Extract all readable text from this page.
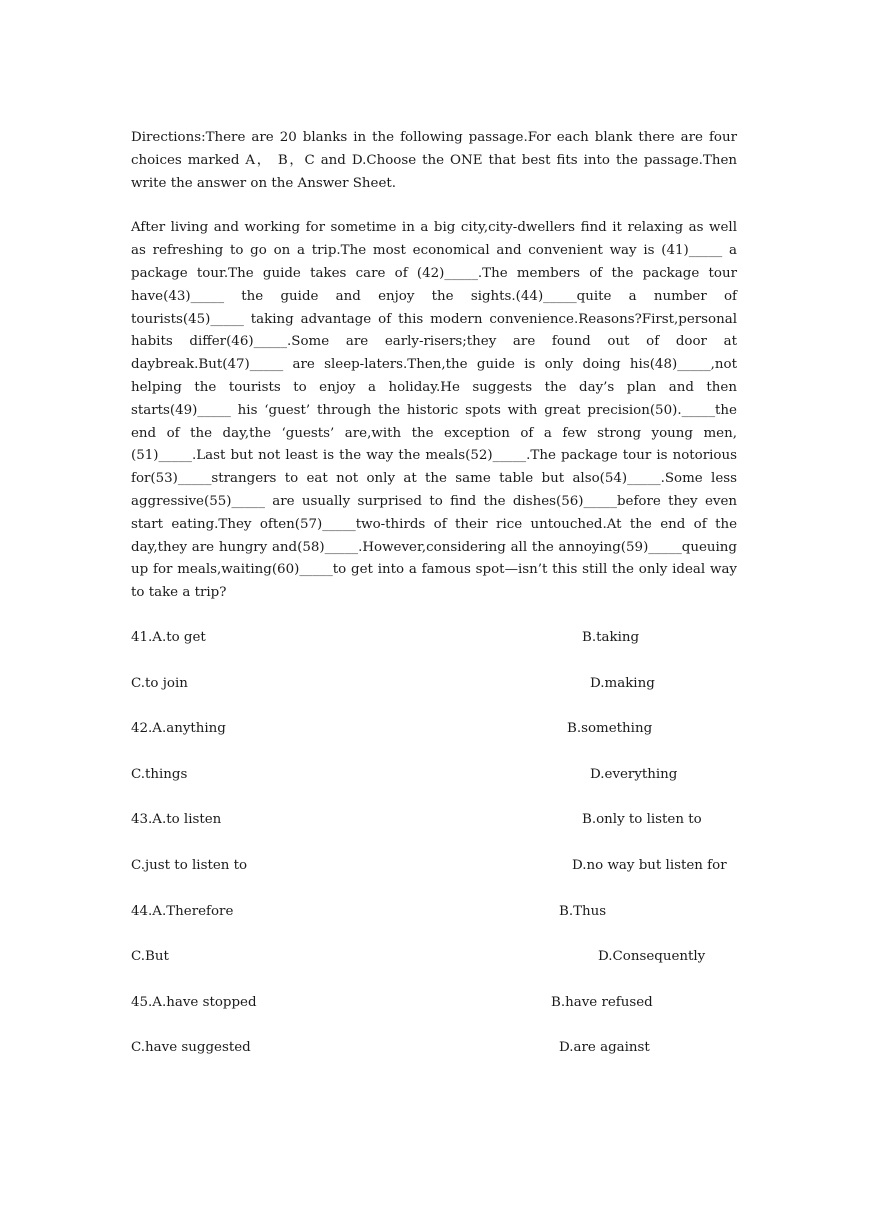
Directions:There are 20 blanks in the following passage.For each blank there are four choices marked A， B，C and D.Choose the ONE that best fits into the passage.Then write the answer on the Answer Sheet.

After living and working for sometime in a big city,city-dwellers find it relaxing as well as refreshing to go on a trip.The most economical and convenient way is (41)_____ a package tour.The guide takes care of (42)_____.The members of the package tour have(43)_____ the guide and enjoy the sights.(44)_____quite a number of tourists(45)_____ taking advantage of this modern convenience.Reasons?First,personal habits differ(46)_____.Some are early-risers;they are found out of door at daybreak.But(47)_____ are sleep-laters.Then,the guide is only doing his(48)_____,not helping the tourists to enjoy a holiday.He suggests the day’s plan and then starts(49)_____ his ‘guest’ through the historic spots with great precision(50)._____the end of the day,the ‘guests’ are,with the exception of a few strong young men,(51)_____.Last but not least is the way the meals(52)_____.The package tour is notorious for(53)_____strangers to eat not only at the same table but also(54)_____.Some less aggressive(55)_____ are usually surprised to find the dishes(56)_____before they even start eating.They often(57)_____two-thirds of their rice untouched.At the end of the day,they are hungry and(58)_____.However,considering all the annoying(59)_____queuing up for meals,waiting(60)_____to get into a famous spot—isn’t this still the only ideal way to take a trip?

41.A.to get	B.taking
C.to join	D.making
42.A.anything	B.something
C.things	D.everything
43.A.to listen	B.only to listen to
C.just to listen to	D.no way but listen for
44.A.Therefore	B.Thus
C.But	D.Consequently
45.A.have stopped	B.have refused
C.have suggested	D.are against
